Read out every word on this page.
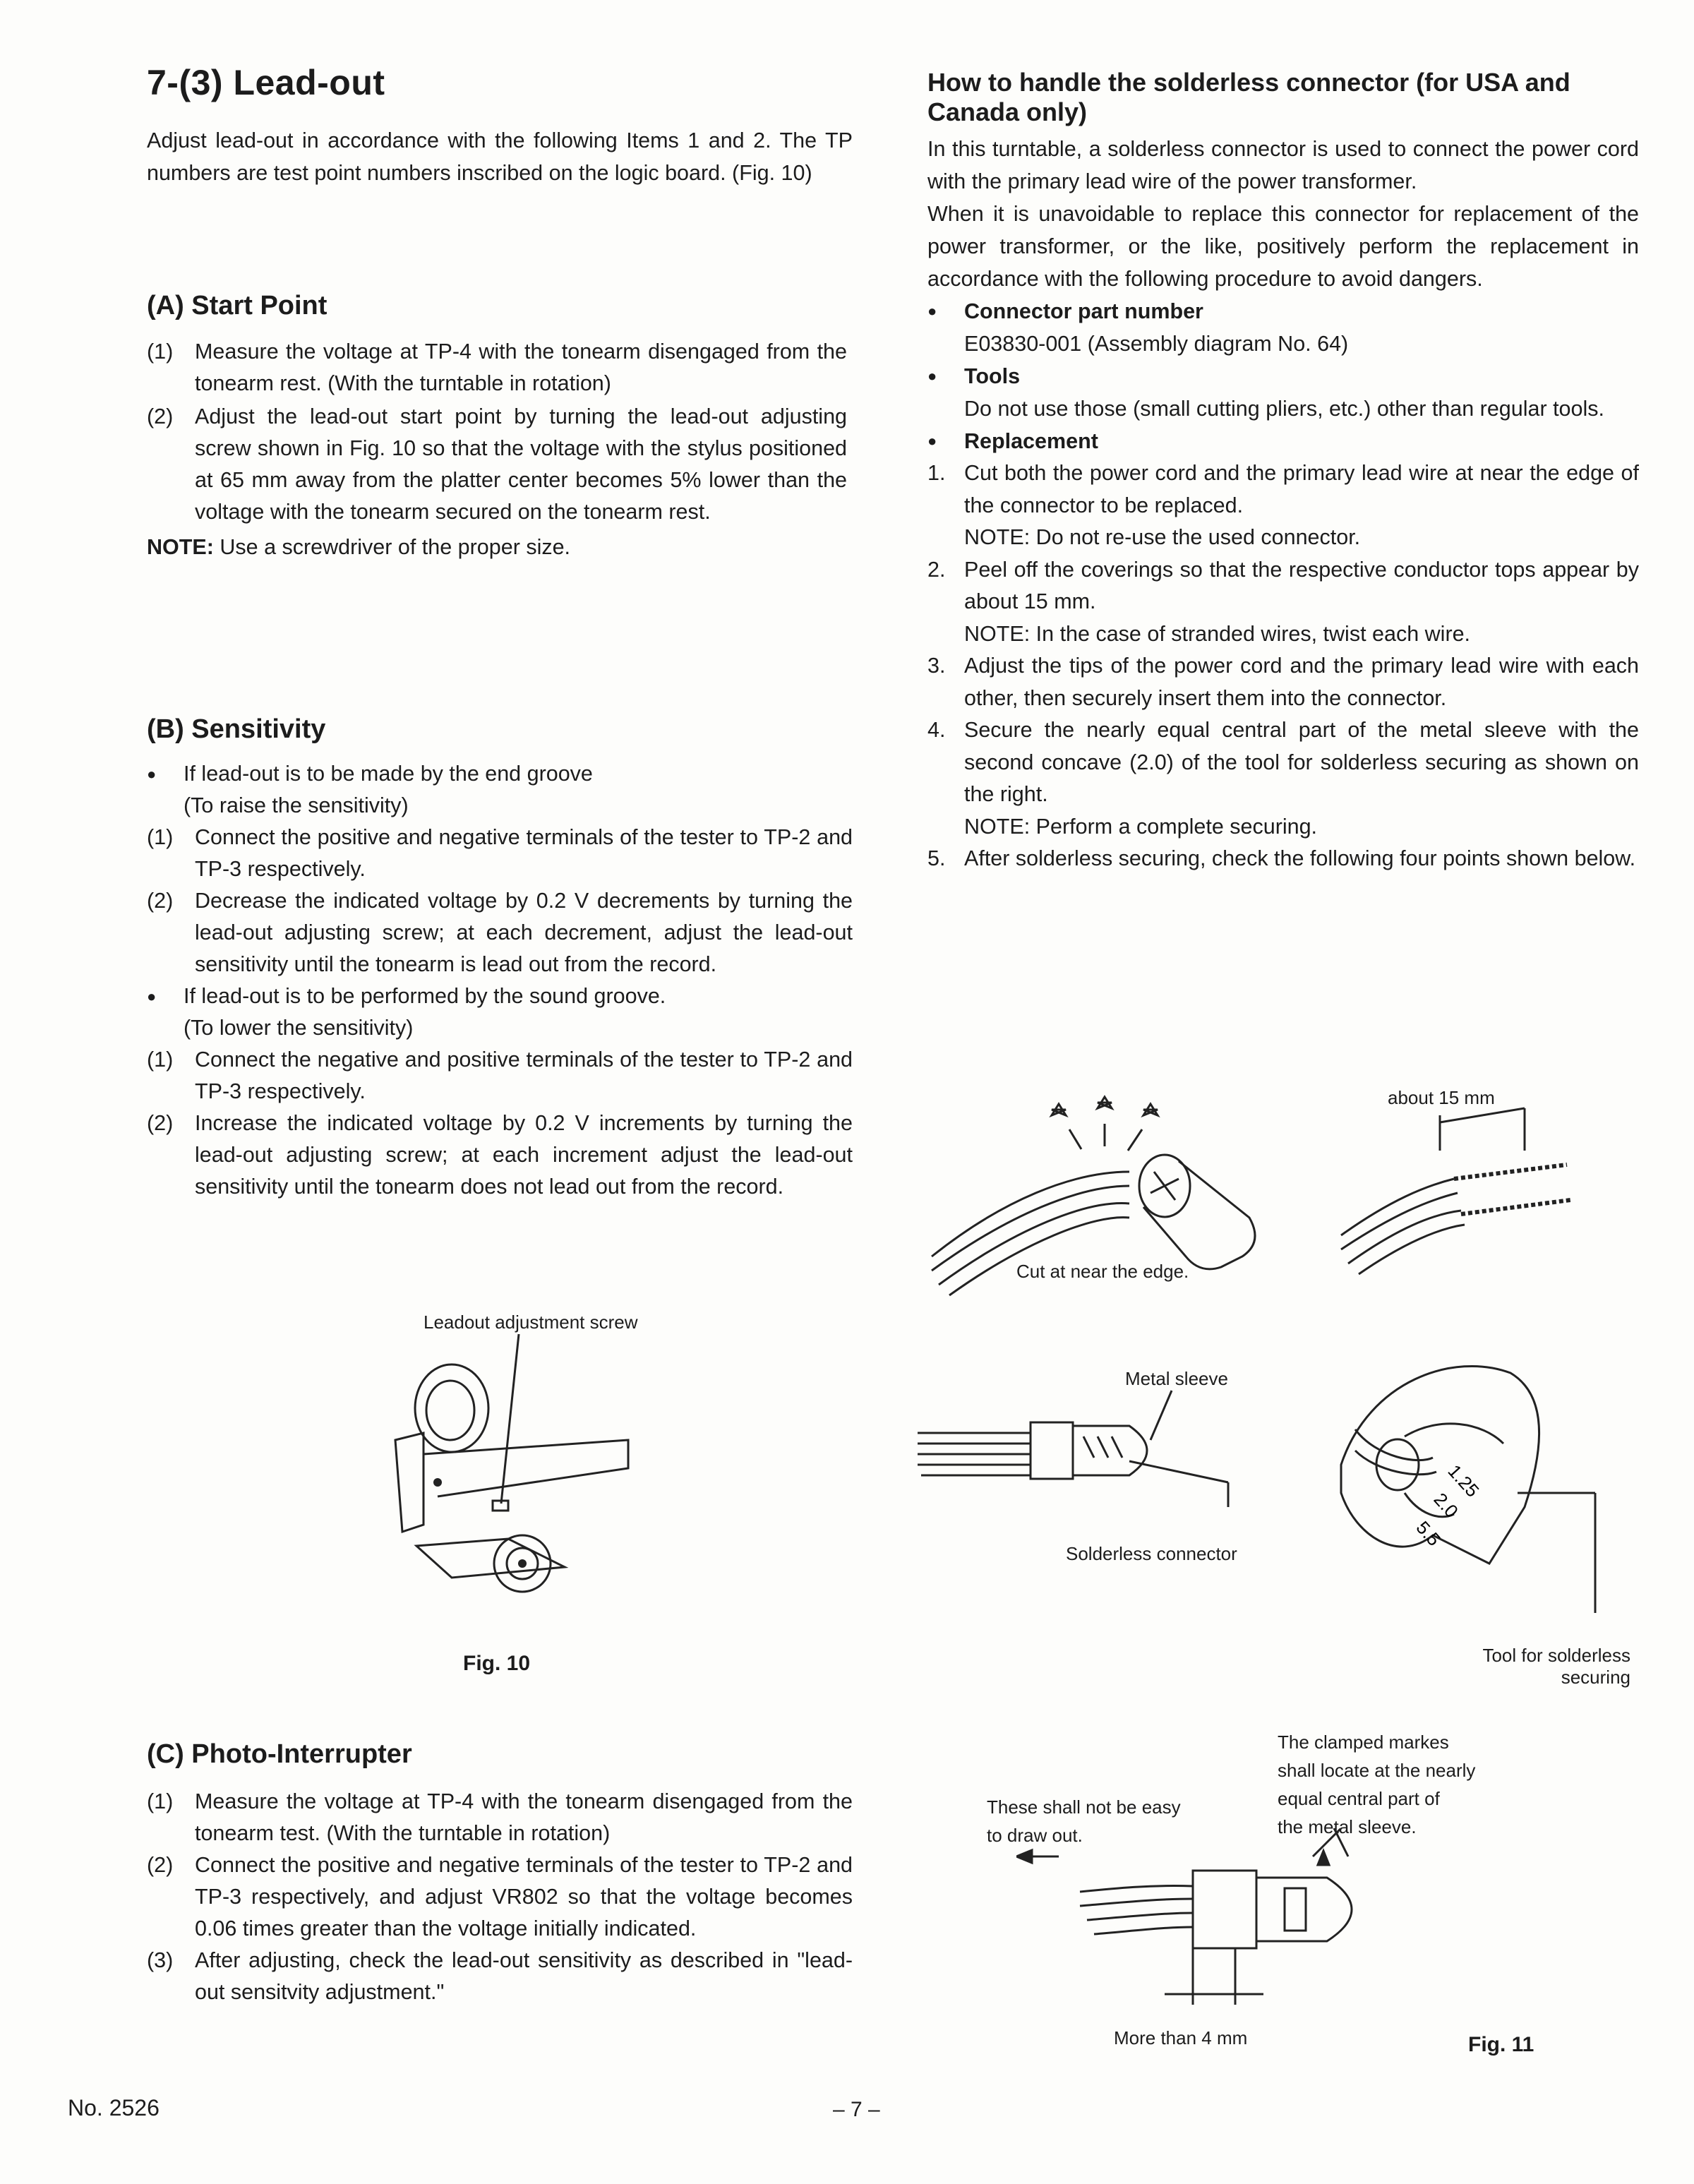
7-(3) Lead-out

Adjust lead-out in accordance with the following Items 1 and 2. The TP numbers are test point numbers inscribed on the logic board. (Fig. 10)

(A) Start Point
(1) Measure the voltage at TP-4 with the tonearm disengaged from the tonearm rest. (With the turntable in rotation)
(2) Adjust the lead-out start point by turning the lead-out adjusting screw shown in Fig. 10 so that the voltage with the stylus positioned at 65 mm away from the platter center becomes 5% lower than the voltage with the tonearm secured on the tonearm rest.
NOTE: Use a screwdriver of the proper size.
(B) Sensitivity
● If lead-out is to be made by the end groove
(To raise the sensitivity)
(1) Connect the positive and negative terminals of the tester to TP-2 and TP-3 respectively.
(2) Decrease the indicated voltage by 0.2 V decrements by turning the lead-out adjusting screw; at each decrement, adjust the lead-out sensitivity until the tonearm is lead out from the record.
● If lead-out is to be performed by the sound groove.
(To lower the sensitivity)
(1) Connect the negative and positive terminals of the tester to TP-2 and TP-3 respectively.
(2) Increase the indicated voltage by 0.2 V increments by turning the lead-out adjusting screw; at each increment adjust the lead-out sensitivity until the tonearm does not lead out from the record.
Leadout adjustment screw
Fig. 10
(C) Photo-Interrupter
(1) Measure the voltage at TP-4 with the tonearm disengaged from the tonearm test. (With the turntable in rotation)
(2) Connect the positive and negative terminals of the tester to TP-2 and TP-3 respectively, and adjust VR802 so that the voltage becomes 0.06 times greater than the voltage initially indicated.
(3) After adjusting, check the lead-out sensitivity as described in "lead-out sensitvity adjustment."
How to handle the solderless connector (for USA and Canada only)

In this turntable, a solderless connector is used to connect the power cord with the primary lead wire of the power transformer.

When it is unavoidable to replace this connector for replacement of the power transformer, or the like, positively perform the replacement in accordance with the following procedure to avoid dangers.

● Connector part number
E03830-001 (Assembly diagram No. 64)
● Tools
Do not use those (small cutting pliers, etc.) other than regular tools.
● Replacement
1. Cut both the power cord and the primary lead wire at near the edge of the connector to be replaced.
NOTE: Do not re-use the used connector.
2. Peel off the coverings so that the respective conductor tops appear by about 15 mm.
NOTE: In the case of stranded wires, twist each wire.
3. Adjust the tips of the power cord and the primary lead wire with each other, then securely insert them into the connector.
4. Secure the nearly equal central part of the metal sleeve with the second concave (2.0) of the tool for solderless securing as shown on the right.
NOTE: Perform a complete securing.
5. After solderless securing, check the following four points shown below.
Cut at near the edge.
about 15 mm
Metal sleeve
Solderless connector
1.25
2.0
5.5
Tool for solderless
securing
The clamped markes
shall locate at the nearly
equal central part of
the metal sleeve.
These shall not be easy
to draw out.
More than 4 mm	Fig. 11
No. 2526	– 7 –
